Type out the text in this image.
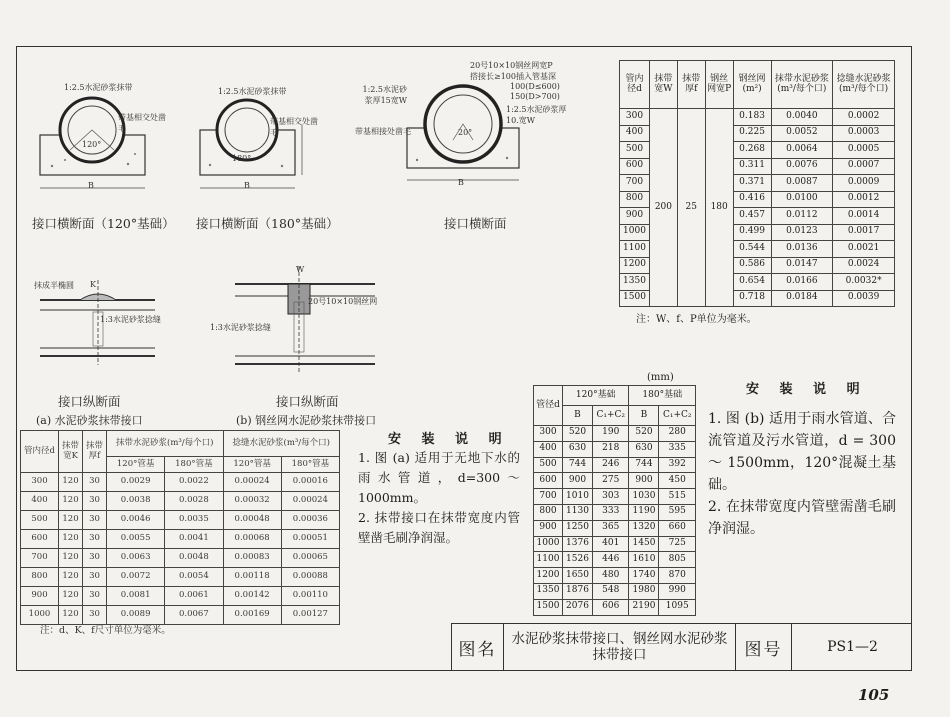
1:2.5水泥砂浆抹带
带基相交处凿毛
120°
B
接口横断面（120°基础）
1:2.5水泥砂浆抹带
带基相交处凿毛
180°
B
接口横断面（180°基础）
20号10×10钢丝网宽P
搭接长≥100插入管基深
100(D≤600)
150(D>700)
1:2.5水泥砂浆厚15宽W
1:2.5水泥砂浆厚10.宽W
带基相接处凿毛	20°
B
接口横断面
抹成半椭圆 K
1:3水泥砂浆捻缝
接口纵断面
(a) 水泥砂浆抹带接口
W
20号10×10钢丝网
1:3水泥砂浆捻缝
接口纵断面
(b) 钢丝网水泥砂浆抹带接口
管内径d	抹带宽W	抹带厚f	钢丝网宽P	钢丝网(m²)	抹带水泥砂浆(m³/每个口)	捻缝水泥砂浆(m³/每个口)
300	200	25	180	0.183	0.0040	0.0002
400				0.225	0.0052	0.0003
500				0.268	0.0064	0.0005
600				0.311	0.0076	0.0007
700				0.371	0.0087	0.0009
800				0.416	0.0100	0.0012
900				0.457	0.0112	0.0014
1000				0.499	0.0123	0.0017
1100				0.544	0.0136	0.0021
1200				0.586	0.0147	0.0024
1350				0.654	0.0166	0.0032*
1500				0.718	0.0184	0.0039
注：W、f、P单位为毫米。
(mm)
管径d	120°基础		180°基础	
	B	C₁+C₂	B	C₁+C₂
300	520	190	520	280
400	630	218	630	335
500	744	246	744	392
600	900	275	900	450
700	1010	303	1030	515
800	1130	333	1190	595
900	1250	365	1320	660
1000	1376	401	1450	725
1100	1526	446	1610	805
1200	1650	480	1740	870
1350	1876	548	1980	990
1500	2076	606	2190	1095
管内径d	抹带宽K	抹带厚f	抹带水泥砂浆(m³/每个口)		捻缝水泥砂浆(m³/每个口)	
			120°管基	180°管基	120°管基	180°管基
300	120	30	0.0029	0.0022	0.00024	0.00016
400	120	30	0.0038	0.0028	0.00032	0.00024
500	120	30	0.0046	0.0035	0.00048	0.00036
600	120	30	0.0055	0.0041	0.00068	0.00051
700	120	30	0.0063	0.0048	0.00083	0.00065
800	120	30	0.0072	0.0054	0.00118	0.00088
900	120	30	0.0081	0.0061	0.00142	0.00110
1000	120	30	0.0089	0.0067	0.00169	0.00127
注：d、K、f尺寸单位为毫米。
安 装 说 明

1. 图 (a) 适用于无地下水的雨水管道，d=300～1000mm。

2. 抹带接口在抹带宽度内管壁凿毛刷净润湿。

安 装 说 明

1. 图 (b) 适用于雨水管道、合流管道及污水管道，d = 300 ～ 1500mm，120°混凝土基础。

2. 在抹带宽度内管壁需凿毛刷净润湿。

图名
水泥砂浆抹带接口、钢丝网水泥砂浆抹带接口	图号	PS1—2
105
